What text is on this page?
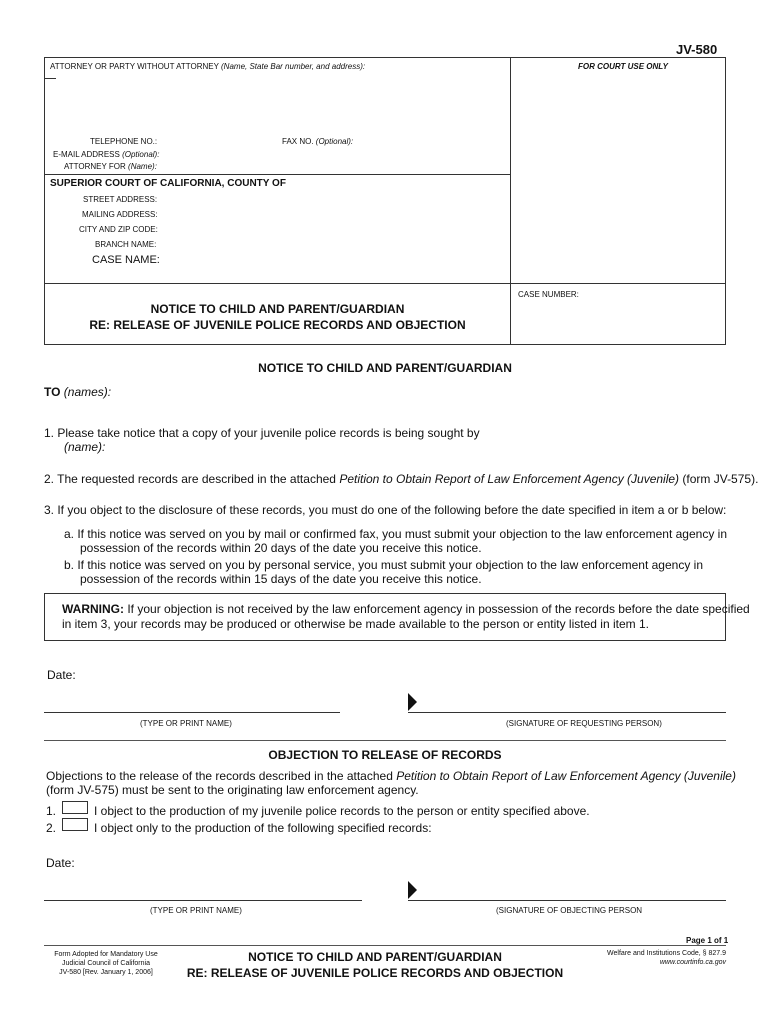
JV-580
ATTORNEY OR PARTY WITHOUT ATTORNEY (Name, State Bar number, and address):	FOR COURT USE ONLY
TELEPHONE NO.:	FAX NO. (Optional):
E-MAIL ADDRESS (Optional):
ATTORNEY FOR (Name):
SUPERIOR COURT OF CALIFORNIA, COUNTY OF
STREET ADDRESS:
MAILING ADDRESS:
CITY AND ZIP CODE:
BRANCH NAME:
CASE NAME:
CASE NUMBER:
NOTICE TO CHILD AND PARENT/GUARDIAN
RE: RELEASE OF JUVENILE POLICE RECORDS AND OBJECTION
NOTICE TO CHILD AND PARENT/GUARDIAN
TO (names):
1. Please take notice that a copy of your juvenile police records is being sought by
(name):
2. The requested records are described in the attached Petition to Obtain Report of Law Enforcement Agency (Juvenile) (form JV-575).
3. If you object to the disclosure of these records, you must do one of the following before the date specified in item a or b below:
a. If this notice was served on you by mail or confirmed fax, you must submit your objection to the law enforcement agency in
possession of the records within 20 days of the date you receive this notice.
b. If this notice was served on you by personal service, you must submit your objection to the law enforcement agency in
possession of the records within 15 days of the date you receive this notice.
WARNING: If your objection is not received by the law enforcement agency in possession of the records before the date specified
in item 3, your records may be produced or otherwise be made available to the person or entity listed in item 1.
Date:
(TYPE OR PRINT NAME)	(SIGNATURE OF REQUESTING PERSON)
OBJECTION TO RELEASE OF RECORDS
Objections to the release of the records described in the attached Petition to Obtain Report of Law Enforcement Agency (Juvenile)
(form JV-575) must be sent to the originating law enforcement agency.
1.	I object to the production of my juvenile police records to the person or entity specified above.
2.	I object only to the production of the following specified records:
Date:
(TYPE OR PRINT NAME)	(SIGNATURE OF OBJECTING PERSON
Page 1 of 1
Form Adopted for Mandatory Use
Judicial Council of California
JV-580 [Rev. January 1, 2006]
NOTICE TO CHILD AND PARENT/GUARDIAN
RE: RELEASE OF JUVENILE POLICE RECORDS AND OBJECTION
Welfare and Institutions Code, § 827.9
www.courtinfo.ca.gov
